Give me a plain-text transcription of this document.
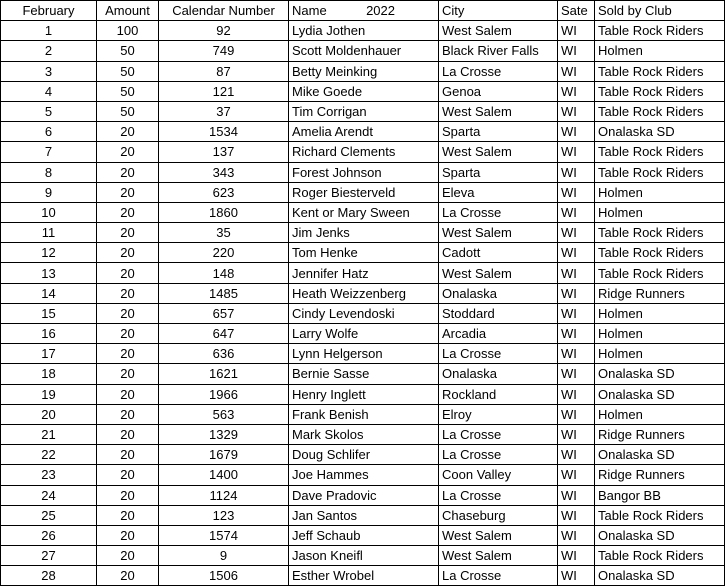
February	Amount	Calendar Number	Name 2022	City	Sate	Sold by Club
1	100	92	Lydia Jothen	West Salem	WI	Table Rock Riders
2	50	749	Scott Moldenhauer	Black River Falls	WI	Holmen
3	50	87	Betty Meinking	La Crosse	WI	Table Rock Riders
4	50	121	Mike Goede	Genoa	WI	Table Rock Riders
5	50	37	Tim Corrigan	West Salem	WI	Table Rock Riders
6	20	1534	Amelia Arendt	Sparta	WI	Onalaska SD
7	20	137	Richard Clements	West Salem	WI	Table Rock Riders
8	20	343	Forest Johnson	Sparta	WI	Table Rock Riders
9	20	623	Roger Biesterveld	Eleva	WI	Holmen
10	20	1860	Kent or Mary Sween	La Crosse	WI	Holmen
11	20	35	Jim Jenks	West Salem	WI	Table Rock Riders
12	20	220	Tom Henke	Cadott	WI	Table Rock Riders
13	20	148	Jennifer Hatz	West Salem	WI	Table Rock Riders
14	20	1485	Heath Weizzenberg	Onalaska	WI	Ridge Runners
15	20	657	Cindy Levendoski	Stoddard	WI	Holmen
16	20	647	Larry Wolfe	Arcadia	WI	Holmen
17	20	636	Lynn Helgerson	La Crosse	WI	Holmen
18	20	1621	Bernie Sasse	Onalaska	WI	Onalaska SD
19	20	1966	Henry Inglett	Rockland	WI	Onalaska SD
20	20	563	Frank Benish	Elroy	WI	Holmen
21	20	1329	Mark Skolos	La Crosse	WI	Ridge Runners
22	20	1679	Doug Schlifer	La Crosse	WI	Onalaska SD
23	20	1400	Joe Hammes	Coon Valley	WI	Ridge Runners
24	20	1124	Dave Pradovic	La Crosse	WI	Bangor BB
25	20	123	Jan Santos	Chaseburg	WI	Table Rock Riders
26	20	1574	Jeff Schaub	West Salem	WI	Onalaska SD
27	20	9	Jason Kneifl	West Salem	WI	Table Rock Riders
28	20	1506	Esther Wrobel	La Crosse	WI	Onalaska SD
